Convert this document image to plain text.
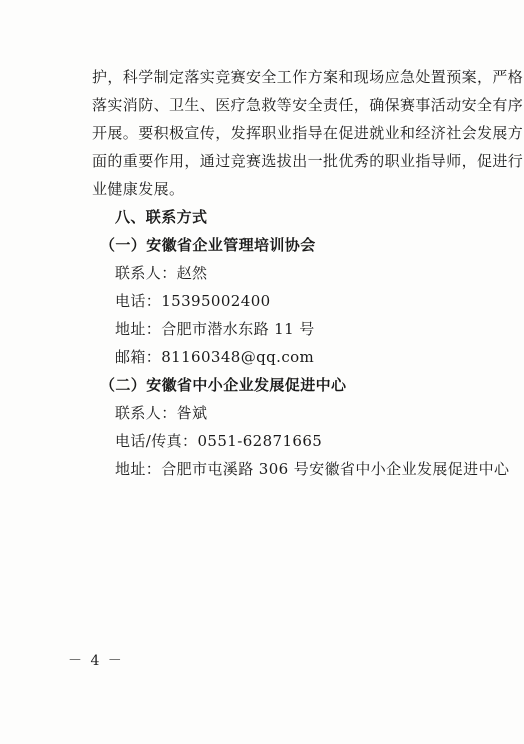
护，科学制定落实竞赛安全工作方案和现场应急处置预案，严格
落实消防、卫生、医疗急救等安全责任，确保赛事活动安全有序
开展。要积极宣传，发挥职业指导在促进就业和经济社会发展方
面的重要作用，通过竞赛选拔出一批优秀的职业指导师，促进行
业健康发展。
八、联系方式
（一）安徽省企业管理培训协会
联系人：赵然
电话：15395002400
地址：合肥市潜水东路 11 号
邮箱：81160348@qq.com
（二）安徽省中小企业发展促进中心
联系人：昝斌
电话/传真：0551-62871665
地址：合肥市屯溪路 306 号安徽省中小企业发展促进中心
－ 4 －
